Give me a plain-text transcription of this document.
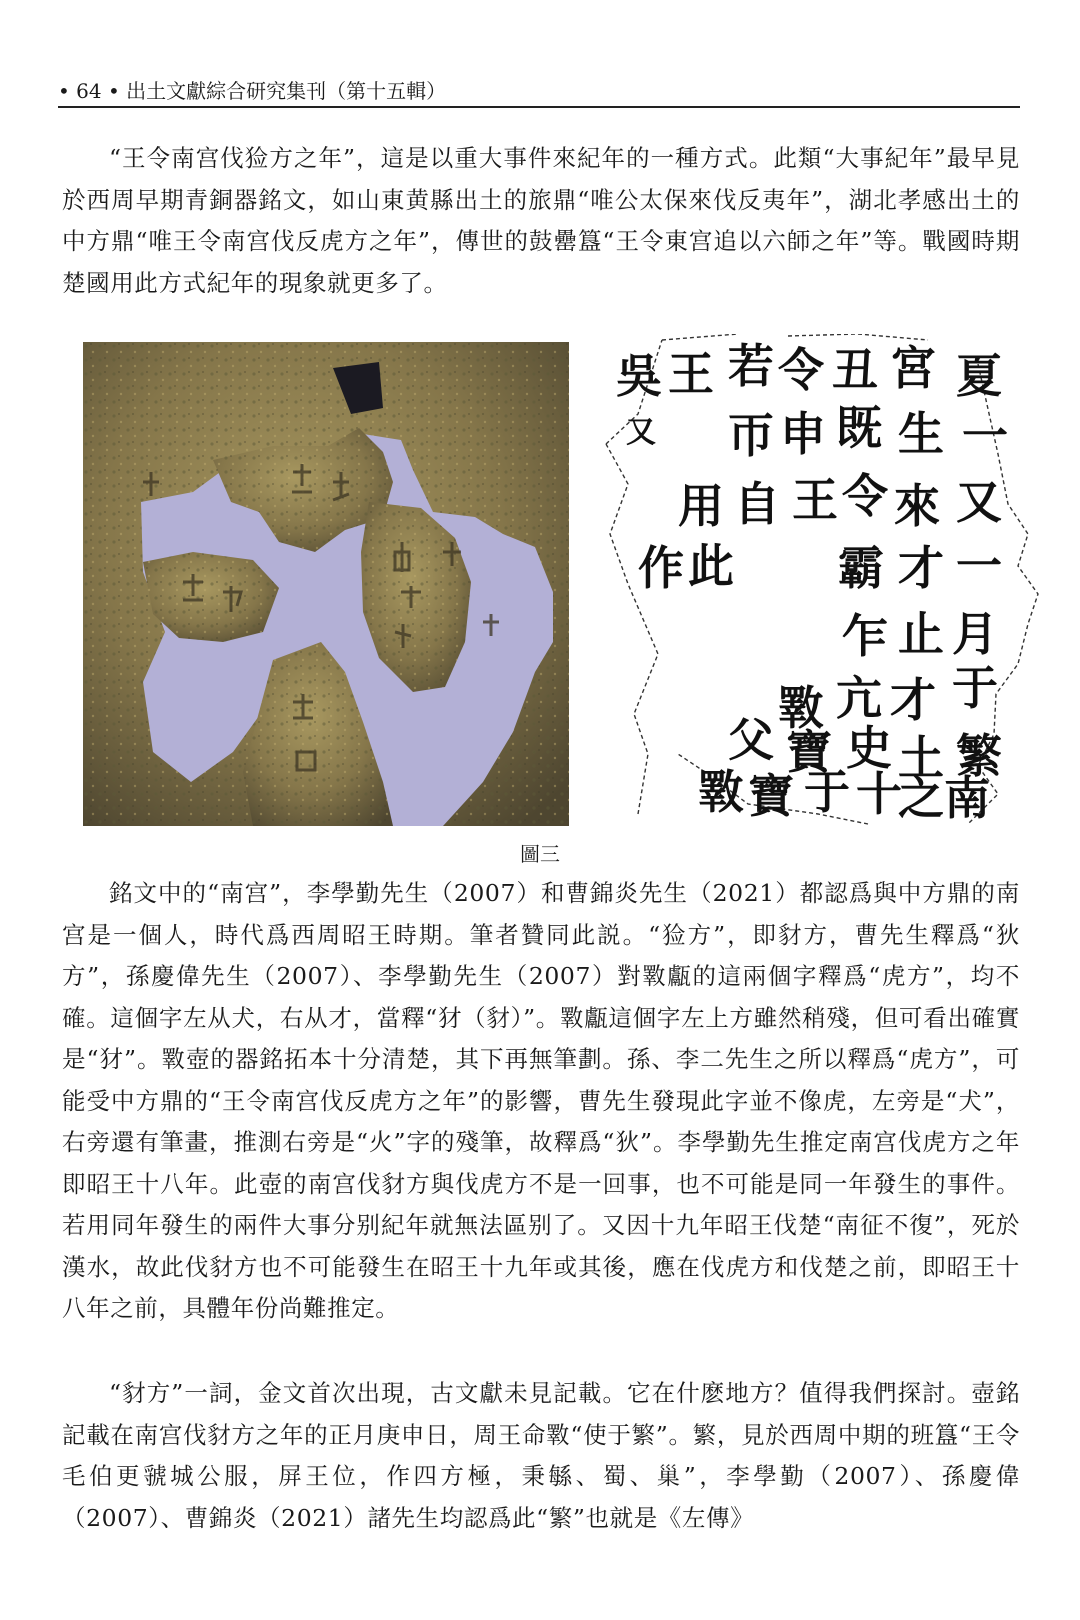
• 64 • 出土文獻綜合研究集刊（第十五輯）

“王令南宫伐猃方之年”，這是以重大事件來紀年的一種方式。此類“大事紀年”最早見於西周早期青銅器銘文，如山東黄縣出土的旅鼎“唯公太保來伐反夷年”，湖北孝感出土的中方鼎“唯王令南宫伐反虎方之年”，傳世的鼓罍簋“王令東宫追以六師之年”等。戰國時期楚國用此方式紀年的現象就更多了。

吳 王 若 令 丑 宮 夏
又 帀 申 既 生 一
用 自 王 令 來 又
作 此 霸 才 一
乍 止 月
斁 亢 才 于
父 寶 史 土 繁
斁 寶 于 十
之 南
圖三

銘文中的“南宫”，李學勤先生（2007）和曹錦炎先生（2021）都認爲與中方鼎的南宫是一個人，時代爲西周昭王時期。筆者贊同此説。“猃方”，即豺方，曹先生釋爲“狄方”，孫慶偉先生（2007）、李學勤先生（2007）對斁甗的這兩個字釋爲“虎方”，均不確。這個字左从犬，右从才，當釋“犲（豺）”。斁甗這個字左上方雖然稍殘，但可看出確實是“犲”。斁壺的器銘拓本十分清楚，其下再無筆劃。孫、李二先生之所以釋爲“虎方”，可能受中方鼎的“王令南宫伐反虎方之年”的影響，曹先生發現此字並不像虎，左旁是“犬”，右旁還有筆畫，推測右旁是“火”字的殘筆，故釋爲“狄”。李學勤先生推定南宫伐虎方之年即昭王十八年。此壺的南宫伐豺方與伐虎方不是一回事，也不可能是同一年發生的事件。若用同年發生的兩件大事分别紀年就無法區别了。又因十九年昭王伐楚“南征不復”，死於漢水，故此伐豺方也不可能發生在昭王十九年或其後，應在伐虎方和伐楚之前，即昭王十八年之前，具體年份尚難推定。

“豺方”一詞，金文首次出現，古文獻未見記載。它在什麽地方？值得我們探討。壺銘記載在南宫伐豺方之年的正月庚申日，周王命斁“使于繁”。繁，見於西周中期的班簋“王令毛伯更虢城公服，屏王位，作四方極，秉緐、蜀、巢”，李學勤（2007）、孫慶偉（2007）、曹錦炎（2021）諸先生均認爲此“繁”也就是《左傳》
